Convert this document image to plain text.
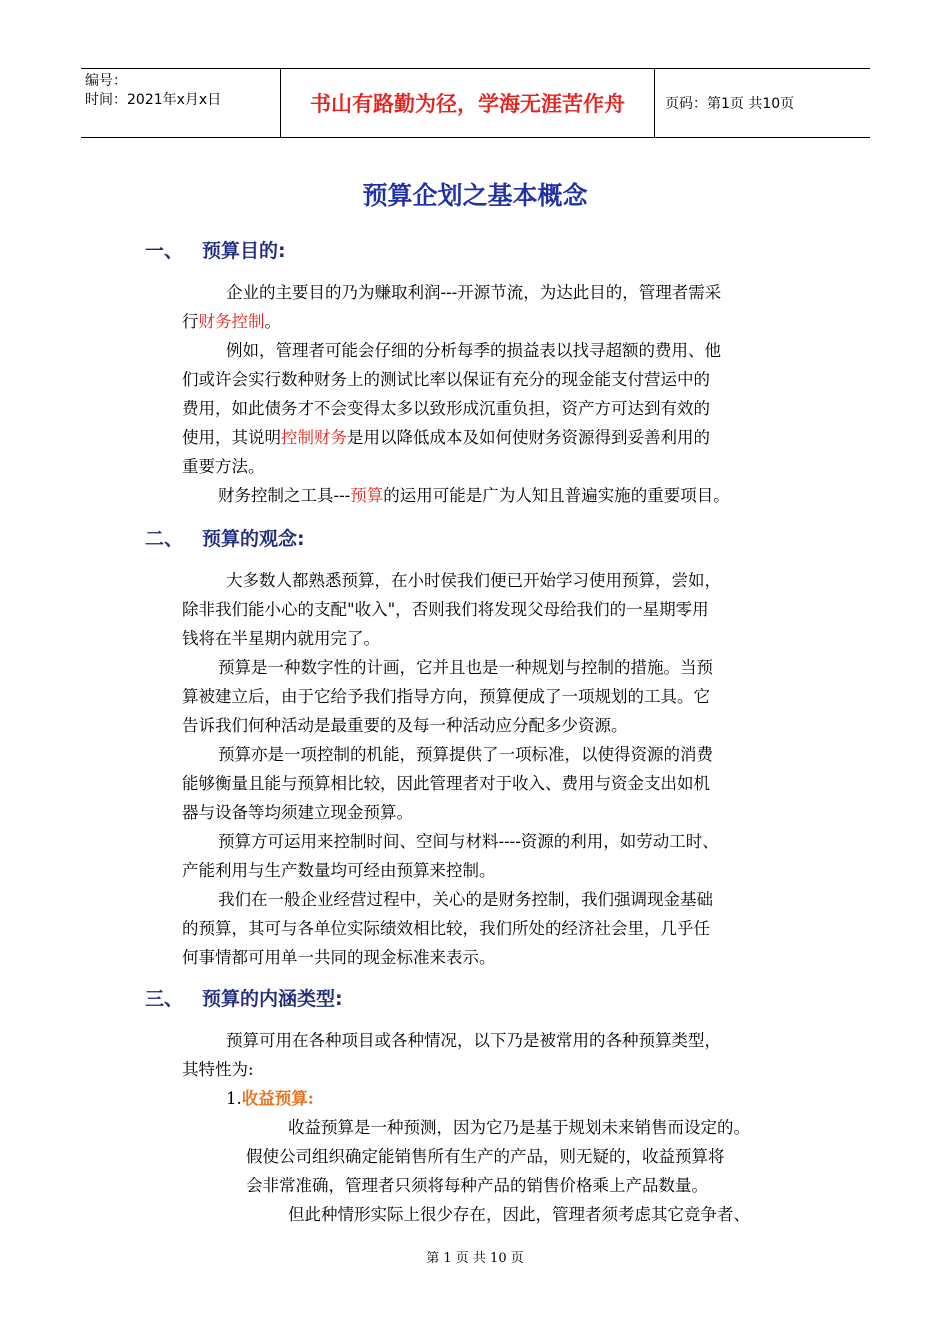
编号：
时间：2021年x月x日	书山有路勤为径，学海无涯苦作舟	页码：第1页 共10页
预算企划之基本概念
一、 预算目的:
企业的主要目的乃为赚取利润---开源节流，为达此目的，管理者需采
行财务控制。
例如，管理者可能会仔细的分析每季的损益表以找寻超额的费用、他
们或许会实行数种财务上的测试比率以保证有充分的现金能支付营运中的
费用，如此债务才不会变得太多以致形成沉重负担，资产方可达到有效的
使用，其说明控制财务是用以降低成本及如何使财务资源得到妥善利用的
重要方法。
财务控制之工具---预算的运用可能是广为人知且普遍实施的重要项目。
二、 预算的观念:
大多数人都熟悉预算，在小时侯我们便已开始学习使用预算，尝如，
除非我们能小心的支配"收入"，否则我们将发现父母给我们的一星期零用
钱将在半星期内就用完了。
预算是一种数字性的计画，它并且也是一种规划与控制的措施。当预
算被建立后，由于它给予我们指导方向，预算便成了一项规划的工具。它
告诉我们何种活动是最重要的及每一种活动应分配多少资源。
预算亦是一项控制的机能，预算提供了一项标准，以使得资源的消费
能够衡量且能与预算相比较，因此管理者对于收入、费用与资金支出如机
器与设备等均须建立现金预算。
预算方可运用来控制时间、空间与材料----资源的利用，如劳动工时、
产能利用与生产数量均可经由预算来控制。
我们在一般企业经营过程中，关心的是财务控制，我们强调现金基础
的预算，其可与各单位实际绩效相比较，我们所处的经济社会里，几乎任
何事情都可用单一共同的现金标准来表示。
三、 预算的内涵类型:
预算可用在各种项目或各种情况，以下乃是被常用的各种预算类型，
其特性为:
1.收益预算:
收益预算是一种预测，因为它乃是基于规划未来销售而设定的。
假使公司组织确定能销售所有生产的产品，则无疑的，收益预算将
会非常准确，管理者只须将每种产品的销售价格乘上产品数量。
但此种情形实际上很少存在，因此，管理者须考虑其它竞争者、
第 1 页 共 10 页
